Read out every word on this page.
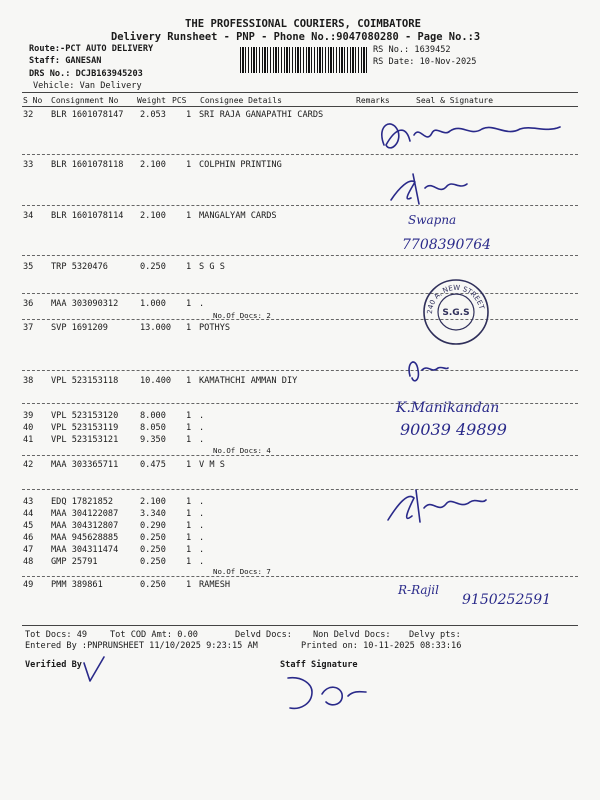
THE PROFESSIONAL COURIERS, COIMBATORE
Delivery Runsheet - PNP - Phone No.:9047080280 - Page No.:3
Route:-PCT AUTO DELIVERY
Staff: GANESAN
DRS No.: DCJB163945203
Vehicle: Van Delivery
RS No.: 1639452
RS Date: 10-Nov-2025
S No Consignment No Weight PCS Consignee Details	Remarks	Seal & Signature
32 BLR 1601078147 2.053 1 SRI RAJA GANAPATHI CARDS
33 BLR 1601078118 2.100 1 COLPHIN PRINTING
34 BLR 1601078114 2.100 1 MANGALYAM CARDS
35 TRP 5320476	0.250 1 S G S
36 MAA 303090312	1.000 1 .
No.Of Docs: 2
37 SVP 1691209	13.000 1 POTHYS
38 VPL 523153118	10.400 1 KAMATHCHI AMMAN DIY
39 VPL 523153120	8.000 1 .
40 VPL 523153119	8.050 1 .
41 VPL 523153121	9.350 1 .
No.Of Docs: 4
42 MAA 303365711	0.475 1 V M S
43 EDQ 17821852	2.100 1 .
44 MAA 304122087	3.340 1 .
45 MAA 304312807	0.290 1 .
46 MAA 945628885	0.250 1 .
47 MAA 304311474	0.250 1 .
48 GMP 25791	0.250 1 .
No.Of Docs: 7
49 PMM 389861	0.250 1 RAMESH
Tot Docs: 49	Tot COD Amt: 0.00	Delvd Docs: Non Delvd Docs: Delvy pts:
Entered By :PNPRUNSHEET 11/10/2025 9:23:15 AM	Printed on: 10-11-2025 08:33:16
Verified By	Staff Signature
Swapna
7708390764
240 A, NEW STREET
S.G.S
K.Manikandan
90039 49899
R-Rajil
9150252591
